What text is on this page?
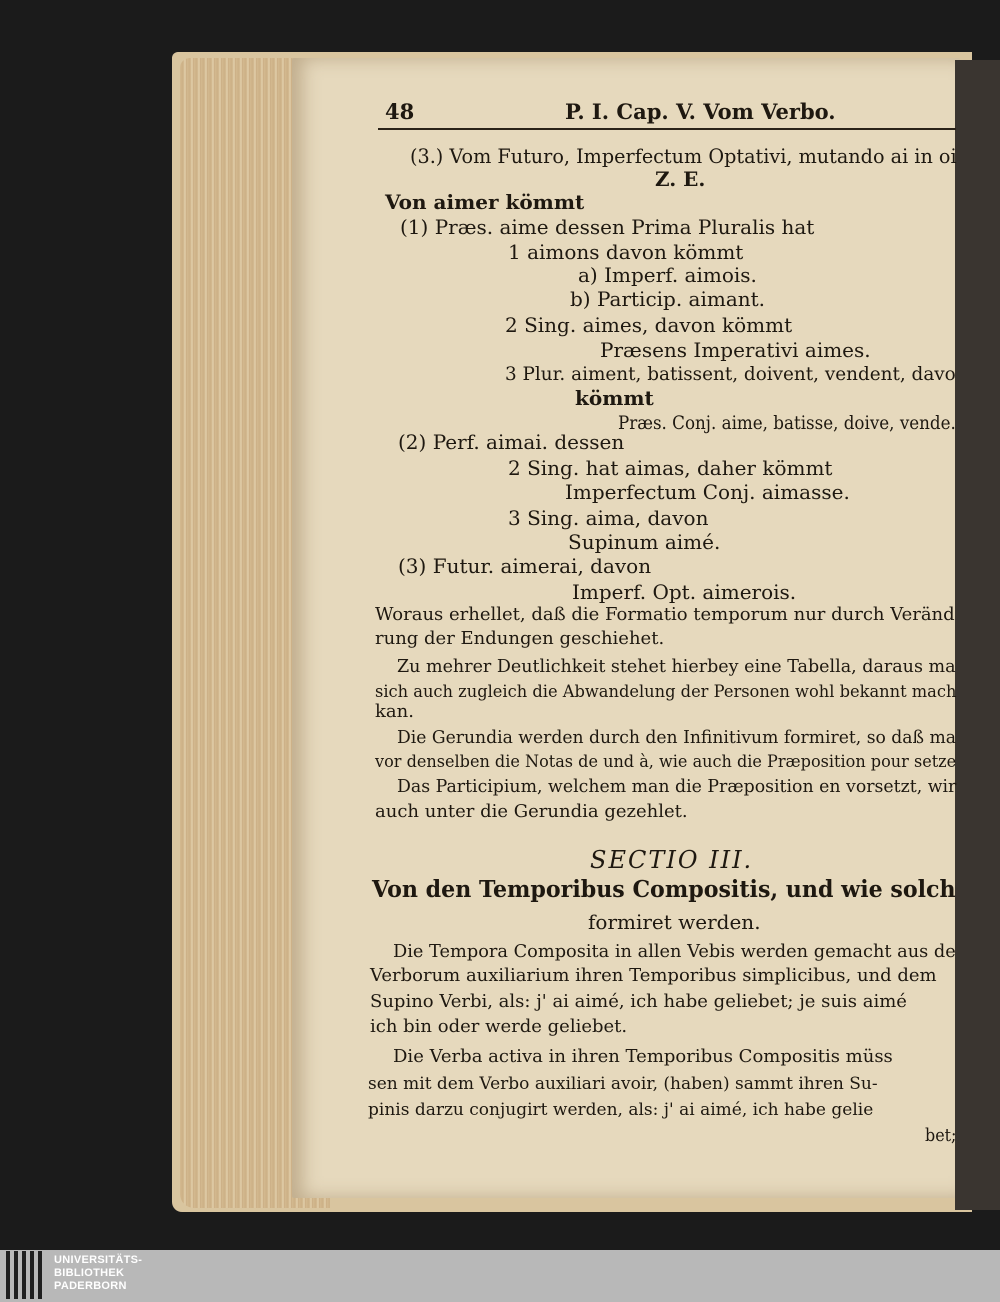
48	P. I. Cap. V. Vom Verbo.
(3.) Vom Futuro, Imperfectum Optativi, mutando ai in oi
Z. E.
Von aimer kömmt
(1) Præs. aime dessen Prima Pluralis hat
1 aimons davon kömmt
a) Imperf. aimois.
b) Particip. aimant.
2 Sing. aimes, davon kömmt
Præsens Imperativi aimes.
3 Plur. aiment, batissent, doivent, vendent, davo
kömmt
Præs. Conj. aime, batisse, doive, vende.
(2) Perf. aimai. dessen
2 Sing. hat aimas, daher kömmt
Imperfectum Conj. aimasse.
3 Sing. aima, davon
Supinum aimé.
(3) Futur. aimerai, davon
Imperf. Opt. aimerois.
Woraus erhellet, daß die Formatio temporum nur durch Veränd
rung der Endungen geschiehet.
Zu mehrer Deutlichkeit stehet hierbey eine Tabella, daraus ma
sich auch zugleich die Abwandelung der Personen wohl bekannt mach
kan.
Die Gerundia werden durch den Infinitivum formiret, so daß ma
vor denselben die Notas de und à, wie auch die Præposition pour setze
Das Participium, welchem man die Præposition en vorsetzt, wir
auch unter die Gerundia gezehlet.
SECTIO III.
Von den Temporibus Compositis, und wie solch
formiret werden.
Die Tempora Composita in allen Vebis werden gemacht aus de
Verborum auxiliarium ihren Temporibus simplicibus, und dem
Supino Verbi, als: j' ai aimé, ich habe geliebet; je suis aimé
ich bin oder werde geliebet.
Die Verba activa in ihren Temporibus Compositis müss
sen mit dem Verbo auxiliari avoir, (haben) sammt ihren Su-
pinis darzu conjugirt werden, als: j' ai aimé, ich habe gelie
bet;
UNIVERSITÄTS-
BIBLIOTHEK
PADERBORN
